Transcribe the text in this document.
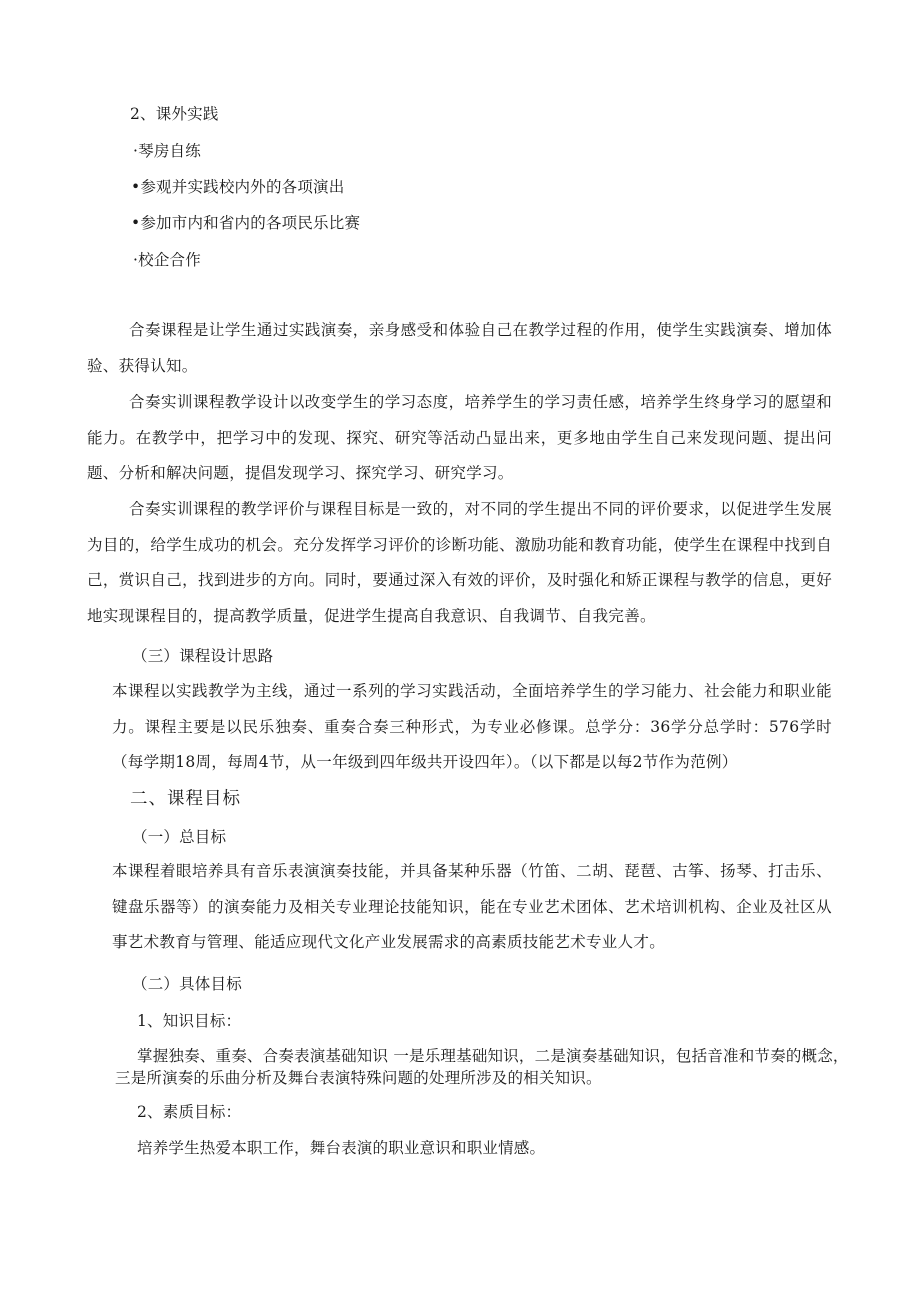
2、课外实践
·琴房自练
•参观并实践校内外的各项演出
•参加市内和省内的各项民乐比赛
·校企合作

合奏课程是让学生通过实践演奏，亲身感受和体验自己在教学过程的作用，使学生实践演奏、增加体验、获得认知。

合奏实训课程教学设计以改变学生的学习态度，培养学生的学习责任感，培养学生终身学习的愿望和能力。在教学中，把学习中的发现、探究、研究等活动凸显出来，更多地由学生自己来发现问题、提出问题、分析和解决问题，提倡发现学习、探究学习、研究学习。

合奏实训课程的教学评价与课程目标是一致的，对不同的学生提出不同的评价要求，以促进学生发展为目的，给学生成功的机会。充分发挥学习评价的诊断功能、激励功能和教育功能，使学生在课程中找到自己，赏识自己，找到进步的方向。同时，要通过深入有效的评价，及时强化和矫正课程与教学的信息，更好地实现课程目的，提高教学质量，促进学生提高自我意识、自我调节、自我完善。

（三）课程设计思路

本课程以实践教学为主线，通过一系列的学习实践活动，全面培养学生的学习能力、社会能力和职业能力。课程主要是以民乐独奏、重奏合奏三种形式，为专业必修课。总学分：36学分总学时：576学时（每学期18周，每周4节，从一年级到四年级共开设四年）。（以下都是以每2节作为范例）

二、课程目标
（一）总目标

本课程着眼培养具有音乐表演演奏技能，并具备某种乐器（竹笛、二胡、琵琶、古筝、扬琴、打击乐、键盘乐器等）的演奏能力及相关专业理论技能知识，能在专业艺术团体、艺术培训机构、企业及社区从事艺术教育与管理、能适应现代文化产业发展需求的高素质技能艺术专业人才。

（二）具体目标
1、知识目标：
掌握独奏、重奏、合奏表演基础知识 一是乐理基础知识，二是演奏基础知识，包括音准和节奏的概念，
三是所演奏的乐曲分析及舞台表演特殊问题的处理所涉及的相关知识。
2、素质目标：
培养学生热爱本职工作，舞台表演的职业意识和职业情感。
